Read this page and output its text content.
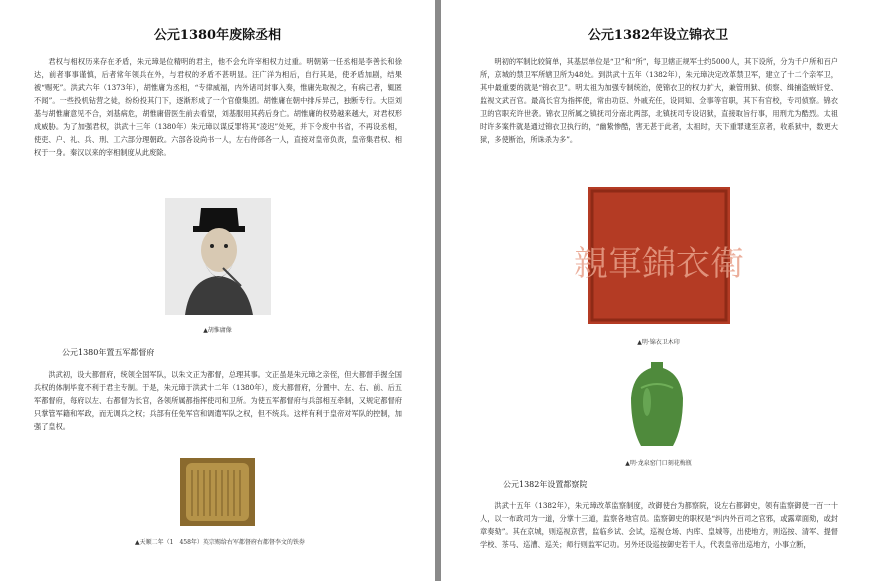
公元1380年废除丞相
君权与相权历来存在矛盾，朱元璋是位精明的君主，他不会允许宰相权力过重。明朝第一任丞相是李善长和徐达，前者事事谨慎，后者常年领兵在外，与君权的矛盾不甚明显。汪广洋为相后，自行其是，使矛盾加剧，结果被“赐死”。洪武六年（1373年），胡惟庸为丞相，“专律威福，内外诸司封事入奏，惟庸先取视之，有病己者，辄匿不闻”。一些投机钻营之徒，纷纷投其门下，逐渐形成了一个官僚集团。胡惟庸在朝中排斥异己，独断专行。大臣刘基与胡惟庸意见不合，刘基病危，胡惟庸借医生前去看望，刘基服用其药后身亡。胡惟庸的权势越来越大，对君权形成威胁。为了加强君权，洪武十三年（1380年）朱元璋以谋反罪将其“凌迟”处死，并下令废中书省，不再设丞相，使吏、户、礼、兵、刑、工六部分理朝政。六部各设尚书一人，左右侍郎各一人，直接对皇帝负责，皇帝集君权、相权于一身。秦汉以来的宰相制度从此废除。
▲胡惟庸像
公元1380年置五军都督府
洪武初，设大都督府，统领全国军队，以朱文正为都督，总理其事。文正虽是朱元璋之亲侄，但大都督手握全国兵权的体制毕竟不利于君主专制。于是，朱元璋于洪武十二年（1380年），废大都督府，分置中、左、右、前、后五军都督府，每府以左、右都督为长官，各领所属都指挥使司和卫所。为使五军都督府与兵部相互牵制，又规定都督府只掌管军籍和军政，而无调兵之权；兵部有任免军官和调遣军队之权，但不统兵。这样有利于皇帝对军队的控制，加强了皇权。
▲天顺二年（1　458年）英宗赐给右军都督府右都督李文的铁券
公元1382年设立锦衣卫
明初的军制比较简单，其基层单位是“卫”和“所”，每卫辖正规军士约5000人，其下设所，分为千户所和百户所，京城的禁卫军所辖卫所为48处。到洪武十五年（1382年），朱元璋决定改革禁卫军，建立了十二个亲军卫，其中最重要的就是“锦衣卫”。明太祖为加强专制统治，使锦衣卫的权力扩大，兼管刑狱、侦察、缉捕盗贼奸党、监视文武百官。最高长官为指挥使，常由功臣、外戚充任，设同知、佥事等官职，其下有官校，专司侦察。锦衣卫的官职充许世袭。锦衣卫所属之镇抚司分南北两部，北镇抚司专设诏狱，直接取旨行事，用刑尤为酷烈。太祖时许多案件就是通过锦衣卫执行的，“幽絷惨酷，害无甚于此者，太祖时，天下重罪逮至京者，收系狱中，数更大狱，多使断治，所诛杀为多”。
親軍錦衣衛
▲明·锦衣卫木印
▲明·龙泉窑门口刻花梅瓶
公元1382年设置都察院
洪武十五年（1382年），朱元璋改革监察制度，改御使台为都察院，设左右都御史，领有监察御使一百一十人，以一布政司为一道，分掌十三道，监察各地官员。监察御史的职权是“纠内外百司之官邪，或露章面劾，或封章奏劾”。其在京城，则巡视京营，监临乡试、会试，巡视仓场、内库、皇城等，出使地方，则巡按、清军、提督学校、茶马、巡漕、巡关；师行则监军记功。另外还设巡按御史若干人，代表皇帝出巡地方，小事立断，
